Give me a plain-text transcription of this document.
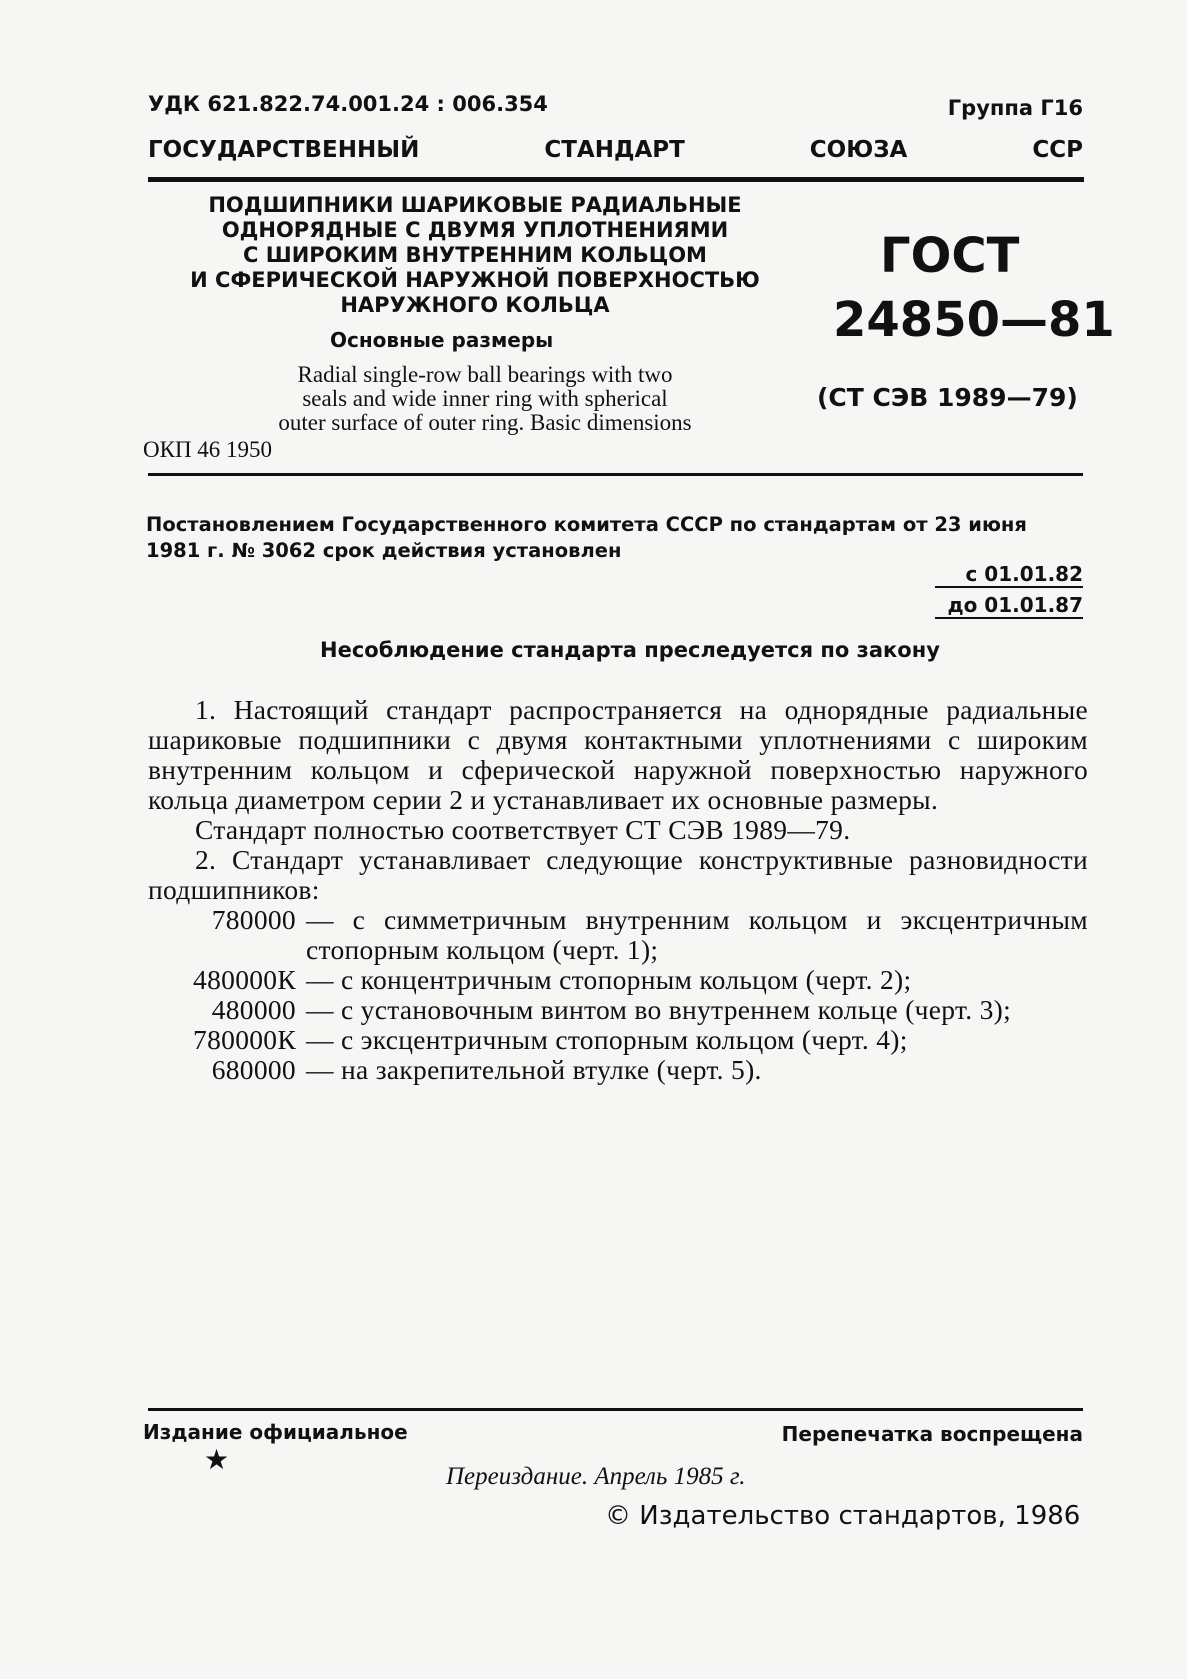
УДК 621.822.74.001.24 : 006.354	Группа Г16
ГОСУДАРСТВЕННЫЙ	СТАНДАРТ	СОЮЗА	ССР
ПОДШИПНИКИ ШАРИКОВЫЕ РАДИАЛЬНЫЕ
ОДНОРЯДНЫЕ С ДВУМЯ УПЛОТНЕНИЯМИ
С ШИРОКИМ ВНУТРЕННИМ КОЛЬЦОМ
И СФЕРИЧЕСКОЙ НАРУЖНОЙ ПОВЕРХНОСТЬЮ
НАРУЖНОГО КОЛЬЦА
Основные размеры
Radial single-row ball bearings with two
seals and wide inner ring with spherical
outer surface of outer ring. Basic dimensions
ОКП 46 1950
ГОСТ
24850—81
(СТ СЭВ 1989—79)
Постановлением Государственного комитета СССР по стандартам от 23 июня
1981 г. № 3062 срок действия установлен
с 01.01.82
до 01.01.87
Несоблюдение стандарта преследуется по закону

1. Настоящий стандарт распространяется на однорядные радиальные шариковые подшипники с двумя контактными уплотнениями с широким внутренним кольцом и сферической наружной поверхностью наружного кольца диаметром серии 2 и устанавливает их основные размеры.

Стандарт полностью соответствует СТ СЭВ 1989—79.

2. Стандарт устанавливает следующие конструктивные разновидности подшипников:

780000 — с симметричным внутренним кольцом и эксцентричным стопорным кольцом (черт. 1);
480000К — с концентричным стопорным кольцом (черт. 2);
480000 — с установочным винтом во внутреннем кольце (черт. 3);
780000К — с эксцентричным стопорным кольцом (черт. 4);
680000 — на закрепительной втулке (черт. 5).
Издание официальное
★
Перепечатка воспрещена
Переиздание. Апрель 1985 г.
© Издательство стандартов, 1986
